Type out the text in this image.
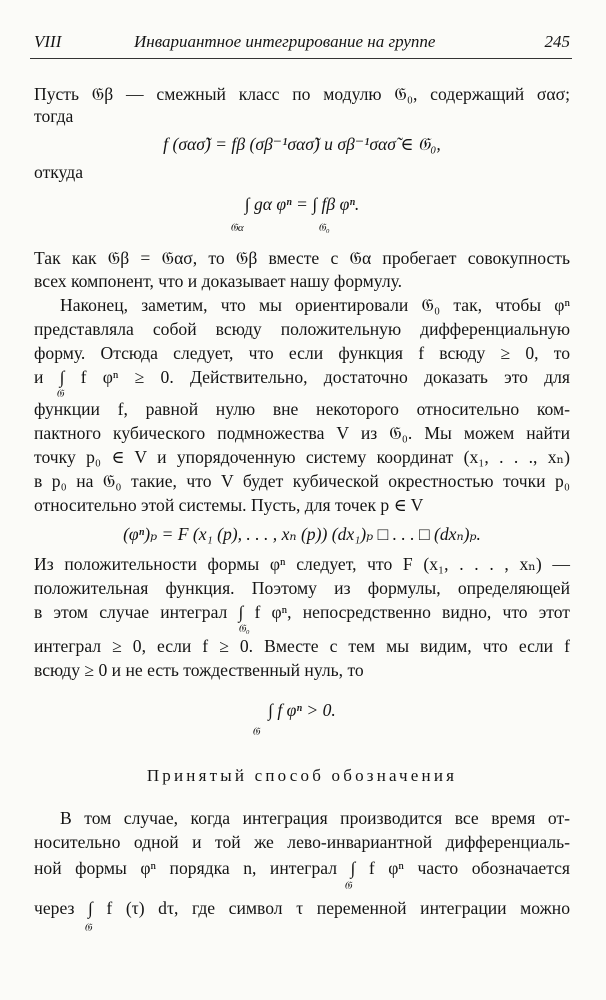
VIII	Инвариантное интегрирование на группе	245
Пусть 𝔊β — смежный класс по модулю 𝔊₀, содержащий σασ;
тогда
f (σασ̃) = fβ (σβ⁻¹σασ̃) и σβ⁻¹σασ̃ ∈ 𝔊₀,
откуда
∫ gα φⁿ = ∫ fβ φⁿ.
𝔊α	𝔊₀
Так как 𝔊β = 𝔊ασ, то 𝔊β вместе с 𝔊α пробегает совокупность
всех компонент, что и доказывает нашу формулу.
Наконец, заметим, что мы ориентировали 𝔊₀ так, чтобы φⁿ
представляла собой всюду положительную дифференциальную
форму. Отсюда следует, что если функция f всюду ≥ 0, то
и ∫ f φⁿ ≥ 0. Действительно, достаточно доказать это для
𝔊
функции f, равной нулю вне некоторого относительно ком-
пактного кубического подмножества V из 𝔊₀. Мы можем найти
точку p₀ ∈ V и упорядоченную систему координат (x₁, . . ., xₙ)
в p₀ на 𝔊₀ такие, что V будет кубической окрестностью точки p₀
относительно этой системы. Пусть, для точек p ∈ V
(φⁿ)ₚ = F (x₁ (p), . . . , xₙ (p)) (dx₁)ₚ □ . . . □ (dxₙ)ₚ.
Из положительности формы φⁿ следует, что F (x₁, . . . , xₙ) —
положительная функция. Поэтому из формулы, определяющей
в этом случае интеграл ∫ f φⁿ, непосредственно видно, что этот
𝔊₀
интеграл ≥ 0, если f ≥ 0. Вместе с тем мы видим, что если f
всюду ≥ 0 и не есть тождественный нуль, то
∫ f φⁿ > 0.
𝔊
Принятый способ обозначения
В том случае, когда интеграция производится все время от-
носительно одной и той же лево-инвариантной дифференциаль-
ной формы φⁿ порядка n, интеграл ∫ f φⁿ часто обозначается
𝔊
через ∫ f (τ) dτ, где символ τ переменной интеграции можно
𝔊
